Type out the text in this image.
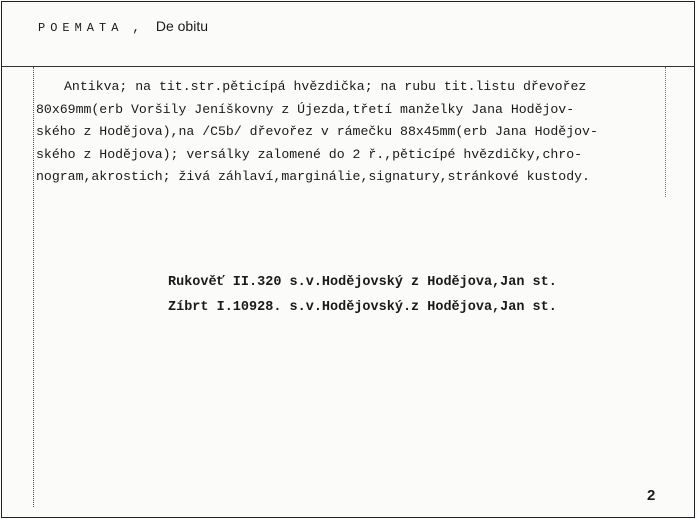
POEMATA , De obitu
Antikva; na tit.str.pěticípá hvězdička; na rubu tit.listu dřevořez
80x69mm(erb Voršily Jeníškovny z Újezda,třetí manželky Jana Hodějov-
ského z Hodějova),na /C5b/ dřevořez v rámečku 88x45mm(erb Jana Hodějov-
ského z Hodějova); versálky zalomené do 2 ř.,pěticípé hvězdičky,chro-
nogram,akrostich; živá záhlaví,marginálie,signatury,stránkové kustody.
Rukověť II.320 s.v.Hodějovský z Hodějova,Jan st.
Zíbrt I.10928. s.v.Hodějovský.z Hodějova,Jan st.
2
